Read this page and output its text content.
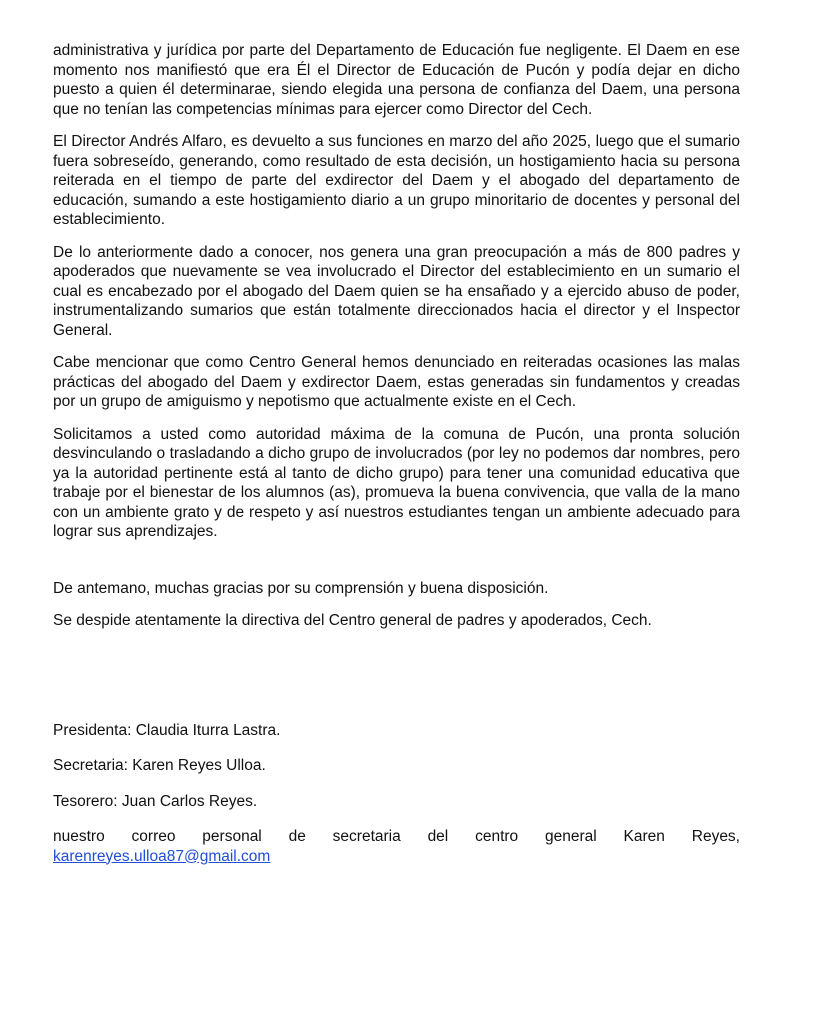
administrativa y jurídica por parte del Departamento de Educación fue negligente. El Daem en ese momento nos manifiestó que era Él el Director de Educación de Pucón y podía dejar en dicho puesto a quien él determinarae, siendo elegida una persona de confianza del Daem, una persona que no tenían las competencias mínimas para ejercer como Director del Cech.

El Director Andrés Alfaro, es devuelto a sus funciones en marzo del año 2025, luego que el sumario fuera sobreseído, generando, como resultado de esta decisión, un hostigamiento hacia su persona reiterada en el tiempo de parte del exdirector del Daem y el abogado del departamento de educación, sumando a este hostigamiento diario a un grupo minoritario de docentes y personal del establecimiento.

De lo anteriormente dado a conocer, nos genera una gran preocupación a más de 800 padres y apoderados que nuevamente se vea involucrado el Director del establecimiento en un sumario el cual es encabezado por el abogado del Daem quien se ha ensañado y a ejercido abuso de poder, instrumentalizando sumarios que están totalmente direccionados hacia el director y el Inspector General.

Cabe mencionar que como Centro General hemos denunciado en reiteradas ocasiones las malas prácticas del abogado del Daem y exdirector Daem, estas generadas sin fundamentos y creadas por un grupo de amiguismo y nepotismo que actualmente existe en el Cech.

Solicitamos a usted como autoridad máxima de la comuna de Pucón, una pronta solución desvinculando o trasladando a dicho grupo de involucrados (por ley no podemos dar nombres, pero ya la autoridad pertinente está al tanto de dicho grupo) para tener una comunidad educativa que trabaje por el bienestar de los alumnos (as), promueva la buena convivencia, que valla de la mano con un ambiente grato y de respeto y así nuestros estudiantes tengan un ambiente adecuado para lograr sus aprendizajes.

De antemano, muchas gracias por su comprensión y buena disposición.

Se despide atentamente la directiva del Centro general de padres y apoderados, Cech.

Presidenta: Claudia Iturra Lastra.

Secretaria: Karen Reyes Ulloa.

Tesorero: Juan Carlos Reyes.

nuestro correo personal de secretaria del centro general Karen Reyes,
karenreyes.ulloa87@gmail.com
